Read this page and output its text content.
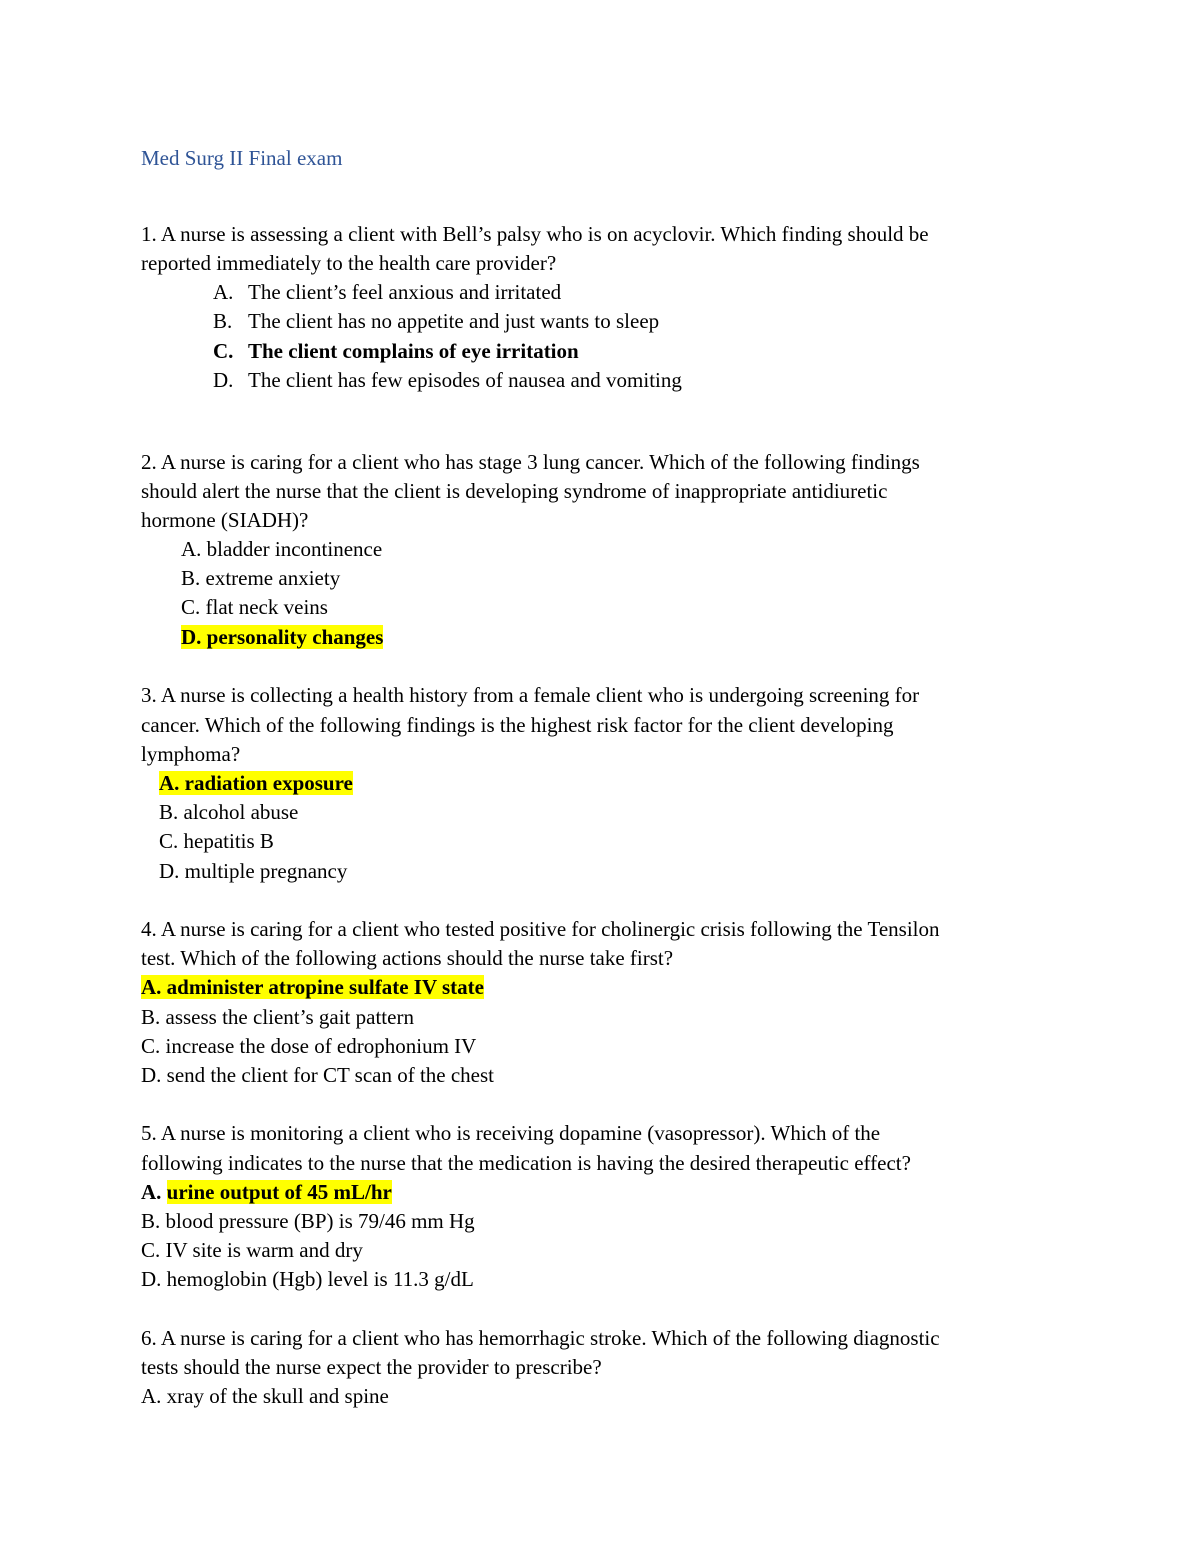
Med Surg II Final exam
1. A nurse is assessing a client with Bell’s palsy who is on acyclovir. Which finding should be
reported immediately to the health care provider?
A. The client’s feel anxious and irritated
B. The client has no appetite and just wants to sleep
C. The client complains of eye irritation
D. The client has few episodes of nausea and vomiting
2. A nurse is caring for a client who has stage 3 lung cancer. Which of the following findings
should alert the nurse that the client is developing syndrome of inappropriate antidiuretic
hormone (SIADH)?
A. bladder incontinence
B. extreme anxiety
C. flat neck veins
D. personality changes
3. A nurse is collecting a health history from a female client who is undergoing screening for
cancer. Which of the following findings is the highest risk factor for the client developing
lymphoma?
A. radiation exposure
B. alcohol abuse
C. hepatitis B
D. multiple pregnancy
4. A nurse is caring for a client who tested positive for cholinergic crisis following the Tensilon
test. Which of the following actions should the nurse take first?
A. administer atropine sulfate IV state
B. assess the client’s gait pattern
C. increase the dose of edrophonium IV
D. send the client for CT scan of the chest
5. A nurse is monitoring a client who is receiving dopamine (vasopressor). Which of the
following indicates to the nurse that the medication is having the desired therapeutic effect?
A. urine output of 45 mL/hr
B. blood pressure (BP) is 79/46 mm Hg
C. IV site is warm and dry
D. hemoglobin (Hgb) level is 11.3 g/dL
6. A nurse is caring for a client who has hemorrhagic stroke. Which of the following diagnostic
tests should the nurse expect the provider to prescribe?
A. xray of the skull and spine
